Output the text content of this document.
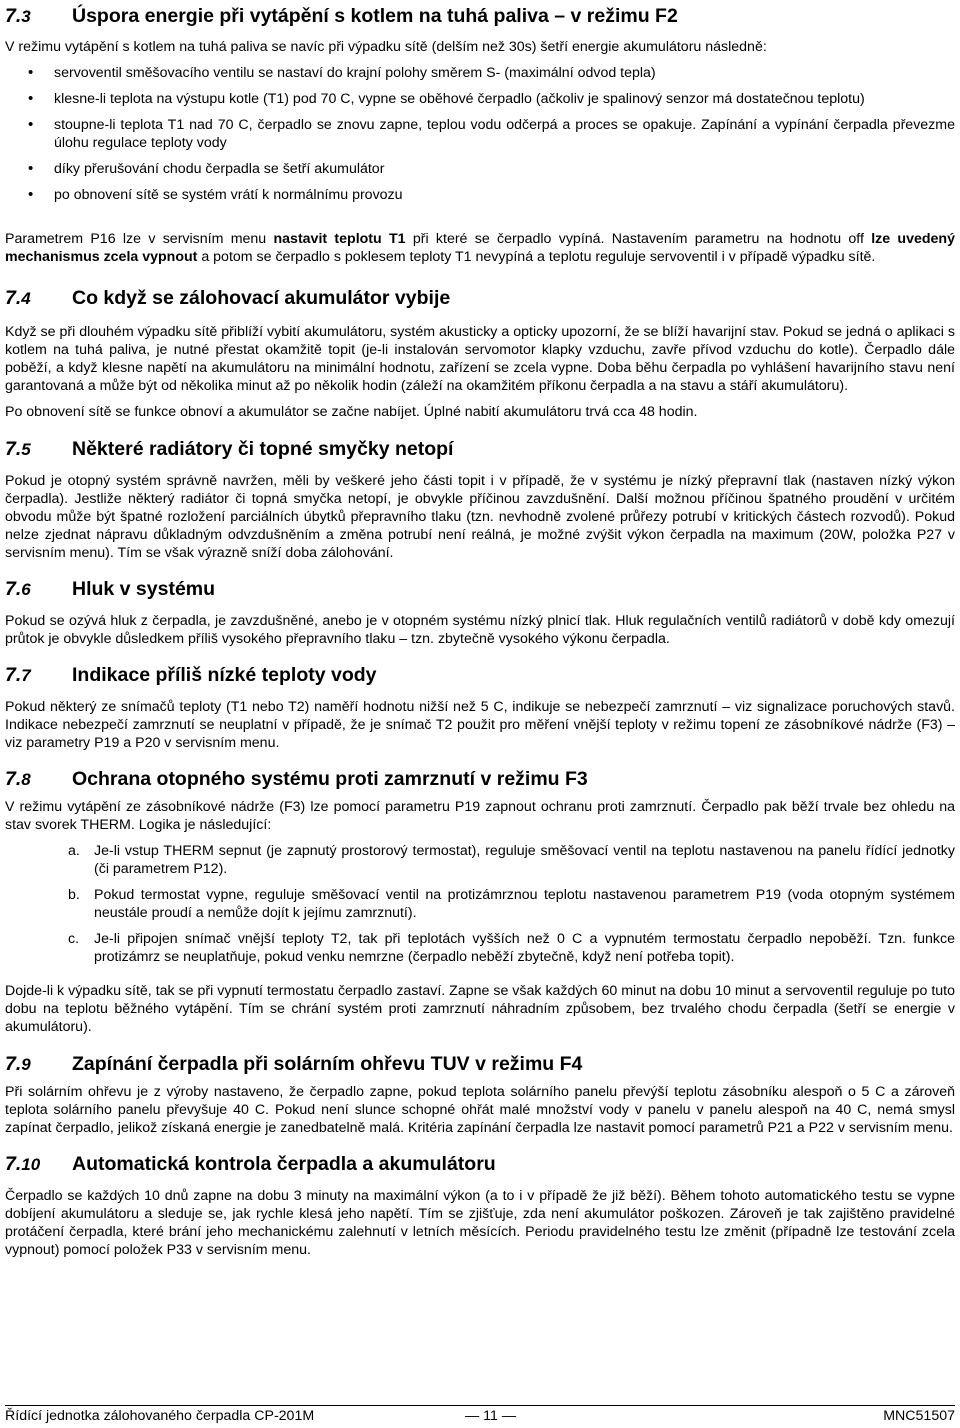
7.3	Úspora energie při vytápění s kotlem na tuhá paliva – v režimu F2

V režimu vytápění s kotlem na tuhá paliva se navíc při výpadku sítě (delším než 30s) šetří energie akumulátoru následně:

• servoventil směšovacího ventilu se nastaví do krajní polohy směrem S- (maximální odvod tepla)
• klesne-li teplota na výstupu kotle (T1) pod 70 C, vypne se oběhové čerpadlo (ačkoliv je spalinový senzor má dostatečnou teplotu)
• stoupne-li teplota T1 nad 70 C, čerpadlo se znovu zapne, teplou vodu odčerpá a proces se opakuje. Zapínání a vypínání čerpadla převezme úlohu regulace teploty vody
• díky přerušování chodu čerpadla se šetří akumulátor
• po obnovení sítě se systém vrátí k normálnímu provozu

Parametrem P16 lze v servisním menu nastavit teplotu T1 při které se čerpadlo vypíná. Nastavením parametru na hodnotu off lze uvedený mechanismus zcela vypnout a potom se čerpadlo s poklesem teploty T1 nevypíná a teplotu reguluje servoventil i v případě výpadku sítě.

7.4	Co když se zálohovací akumulátor vybije

Když se při dlouhém výpadku sítě přiblíží vybití akumulátoru, systém akusticky a opticky upozorní, že se blíží havarijní stav. Pokud se jedná o aplikaci s kotlem na tuhá paliva, je nutné přestat okamžitě topit (je-li instalován servomotor klapky vzduchu, zavře přívod vzduchu do kotle). Čerpadlo dále poběží, a když klesne napětí na akumulátoru na minimální hodnotu, zařízení se zcela vypne. Doba běhu čerpadla po vyhlášení havarijního stavu není garantovaná a může být od několika minut až po několik hodin (záleží na okamžitém příkonu čerpadla a na stavu a stáří akumulátoru).

Po obnovení sítě se funkce obnoví a akumulátor se začne nabíjet. Úplné nabití akumulátoru trvá cca 48 hodin.

7.5	Některé radiátory či topné smyčky netopí

Pokud je otopný systém správně navržen, měli by veškeré jeho části topit i v případě, že v systému je nízký přepravní tlak (nastaven nízký výkon čerpadla). Jestliže některý radiátor či topná smyčka netopí, je obvykle příčinou zavzdušnění. Další možnou příčinou špatného proudění v určitém obvodu může být špatné rozložení parciálních úbytků přepravního tlaku (tzn. nevhodně zvolené průřezy potrubí v kritických částech rozvodů). Pokud nelze zjednat nápravu důkladným odvzdušněním a změna potrubí není reálná, je možné zvýšit výkon čerpadla na maximum (20W, položka P27 v servisním menu). Tím se však výrazně sníží doba zálohování.

7.6	Hluk v systému

Pokud se ozývá hluk z čerpadla, je zavzdušněné, anebo je v otopném systému nízký plnicí tlak. Hluk regulačních ventilů radiátorů v době kdy omezují průtok je obvykle důsledkem příliš vysokého přepravního tlaku – tzn. zbytečně vysokého výkonu čerpadla.

7.7	Indikace příliš nízké teploty vody

Pokud některý ze snímačů teploty (T1 nebo T2) naměří hodnotu nižší než 5 C, indikuje se nebezpečí zamrznutí – viz signalizace poruchových stavů. Indikace nebezpečí zamrznutí se neuplatní v případě, že je snímač T2 použit pro měření vnější teploty v režimu topení ze zásobníkové nádrže (F3) – viz parametry P19 a P20 v servisním menu.

7.8	Ochrana otopného systému proti zamrznutí v režimu F3

V režimu vytápění ze zásobníkové nádrže (F3) lze pomocí parametru P19 zapnout ochranu proti zamrznutí. Čerpadlo pak běží trvale bez ohledu na stav svorek THERM. Logika je následující:

a. Je-li vstup THERM sepnut (je zapnutý prostorový termostat), reguluje směšovací ventil na teplotu nastavenou na panelu řídící jednotky (či parametrem P12).
b. Pokud termostat vypne, reguluje směšovací ventil na protizámrznou teplotu nastavenou parametrem P19 (voda otopným systémem neustále proudí a nemůže dojít k jejímu zamrznutí).
c. Je-li připojen snímač vnější teploty T2, tak při teplotách vyšších než 0 C a vypnutém termostatu čerpadlo nepoběží. Tzn. funkce protizámrz se neuplatňuje, pokud venku nemrzne (čerpadlo neběží zbytečně, když není potřeba topit).

Dojde-li k výpadku sítě, tak se při vypnutí termostatu čerpadlo zastaví. Zapne se však každých 60 minut na dobu 10 minut a servoventil reguluje po tuto dobu na teplotu běžného vytápění. Tím se chrání systém proti zamrznutí náhradním způsobem, bez trvalého chodu čerpadla (šetří se energie v akumulátoru).

7.9	Zapínání čerpadla při solárním ohřevu TUV v režimu F4

Při solárním ohřevu je z výroby nastaveno, že čerpadlo zapne, pokud teplota solárního panelu převýší teplotu zásobníku alespoň o 5 C a zároveň teplota solárního panelu převyšuje 40 C. Pokud není slunce schopné ohřát malé množství vody v panelu v panelu alespoň na 40 C, nemá smysl zapínat čerpadlo, jelikož získaná energie je zanedbatelně malá. Kritéria zapínání čerpadla lze nastavit pomocí parametrů P21 a P22 v servisním menu.

7.10	Automatická kontrola čerpadla a akumulátoru

Čerpadlo se každých 10 dnů zapne na dobu 3 minuty na maximální výkon (a to i v případě že již běží). Během tohoto automatického testu se vypne dobíjení akumulátoru a sleduje se, jak rychle klesá jeho napětí. Tím se zjišťuje, zda není akumulátor poškozen. Zároveň je tak zajištěno pravidelné protáčení čerpadla, které brání jeho mechanickému zalehnutí v letních měsících. Periodu pravidelného testu lze změnit (případně lze testování zcela vypnout) pomocí položek P33 v servisním menu.

Řídící jednotka zálohovaného čerpadla CP-201M	— 11 —	MNC51507
